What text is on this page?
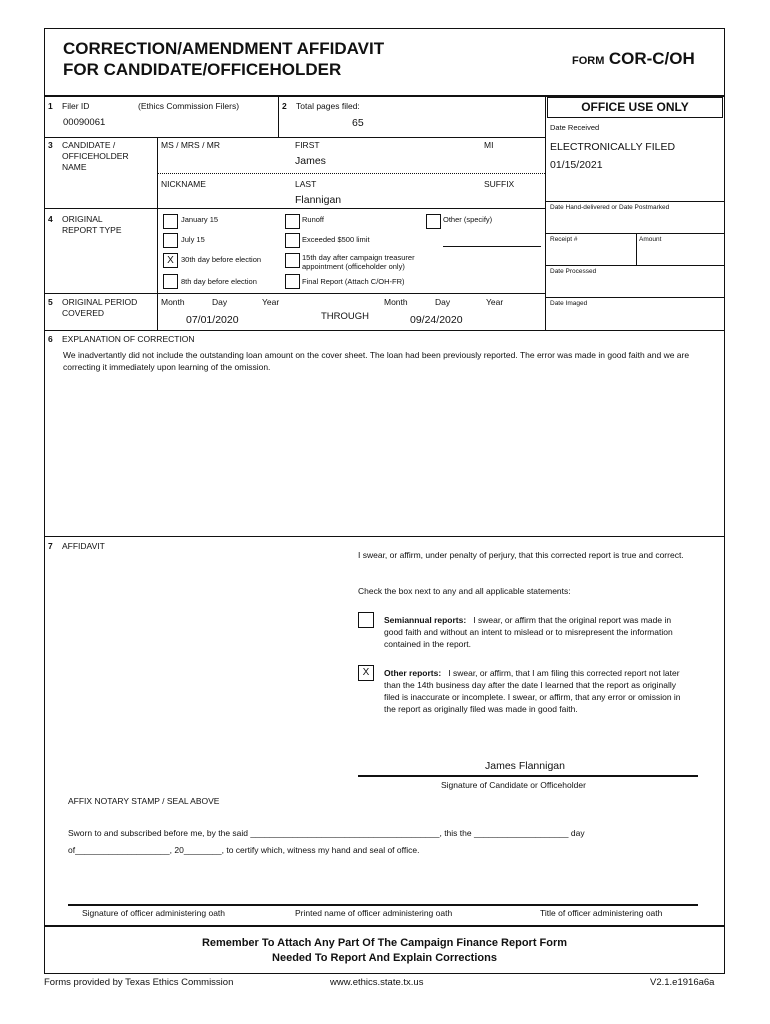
CORRECTION/AMENDMENT AFFIDAVIT
FOR CANDIDATE/OFFICEHOLDER	FORM COR-C/OH
1 Filer ID	(Ethics Commission Filers)
00090061
2 Total pages filed:
65
OFFICE USE ONLY
Date Received
ELECTRONICALLY FILED
01/15/2021
Date Hand-delivered or Date Postmarked
Receipt #	Amount
Date Processed
Date Imaged
3 CANDIDATE /
OFFICEHOLDER
NAME
MS / MRS / MR	FIRST
James
MI
NICKNAME	LAST
Flannigan
SUFFIX
4 ORIGINAL
REPORT TYPE
January 15
July 15
X 30th day before election
8th day before election
Runoff
Exceeded $500 limit
15th day after campaign treasurer appointment (officeholder only)
Final Report (Attach C/OH-FR)
Other (specify)
5 ORIGINAL PERIOD
COVERED
Month	Day	Year
07/01/2020	THROUGH
Month	Day	Year
09/24/2020
6 EXPLANATION OF CORRECTION
We inadvertantly did not include the outstanding loan amount on the cover sheet. The loan had been previously reported. The error was made in good faith and we are correcting it immediately upon learning of the omission.
7 AFFIDAVIT
I swear, or affirm, under penalty of perjury, that this corrected report is true and correct.
Check the box next to any and all applicable statements:
Semiannual reports: I swear, or affirm that the original report was made in good faith and without an intent to mislead or to misrepresent the information contained in the report.
X	Other reports: I swear, or affirm, that I am filing this corrected report not later than the 14th business day after the date I learned that the report as originally filed is inaccurate or incomplete. I swear, or affirm, that any error or omission in the report as originally filed was made in good faith.
James Flannigan
Signature of Candidate or Officeholder
AFFIX NOTARY STAMP / SEAL ABOVE
Sworn to and subscribed before me, by the said ________________________________________, this the ____________________ day
of____________________, 20________, to certify which, witness my hand and seal of office.
Signature of officer administering oath	Printed name of officer administering oath	Title of officer administering oath
Remember To Attach Any Part Of The Campaign Finance Report Form
Needed To Report And Explain Corrections
Forms provided by Texas Ethics Commission	www.ethics.state.tx.us	V2.1.e1916a6a
